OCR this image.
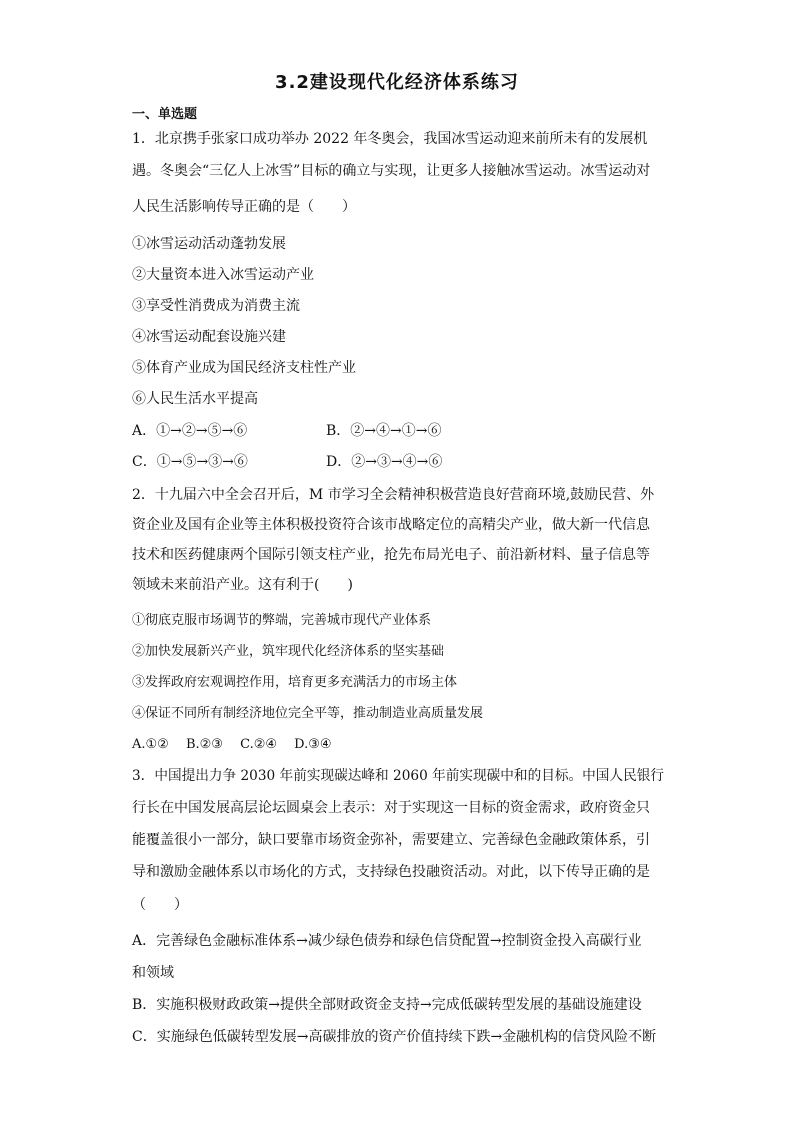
3.2建设现代化经济体系练习
一、单选题
1．北京携手张家口成功举办 2022 年冬奥会，我国冰雪运动迎来前所未有的发展机
遇。冬奥会“三亿人上冰雪”目标的确立与实现，让更多人接触冰雪运动。冰雪运动对
人民生活影响传导正确的是（　　）
①冰雪运动活动蓬勃发展
②大量资本进入冰雪运动产业
③享受性消费成为消费主流
④冰雪运动配套设施兴建
⑤体育产业成为国民经济支柱性产业
⑥人民生活水平提高
A．①→②→⑤→⑥	B．②→④→①→⑥
C．①→⑤→③→⑥	D．②→③→④→⑥
2．十九届六中全会召开后，M 市学习全会精神积极营造良好营商环境,鼓励民营、外
资企业及国有企业等主体积极投资符合该市战略定位的高精尖产业，做大新一代信息
技术和医药健康两个国际引领支柱产业，抢先布局光电子、前沿新材料、量子信息等
领域未来前沿产业。这有利于(　　)
①彻底克服市场调节的弊端，完善城市现代产业体系
②加快发展新兴产业，筑牢现代化经济体系的坚实基础
③发挥政府宏观调控作用，培育更多充满活力的市场主体
④保证不同所有制经济地位完全平等，推动制造业高质量发展
A.①②　 B.②③　 C.②④　 D.③④
3．中国提出力争 2030 年前实现碳达峰和 2060 年前实现碳中和的目标。中国人民银行
行长在中国发展高层论坛圆桌会上表示：对于实现这一目标的资金需求，政府资金只
能覆盖很小一部分，缺口要靠市场资金弥补，需要建立、完善绿色金融政策体系，引
导和激励金融体系以市场化的方式，支持绿色投融资活动。对此，以下传导正确的是
（　　）
A．完善绿色金融标准体系→减少绿色债券和绿色信贷配置→控制资金投入高碳行业
和领域
B．实施积极财政政策→提供全部财政资金支持→完成低碳转型发展的基础设施建设
C．实施绿色低碳转型发展→高碳排放的资产价值持续下跌→金融机构的信贷风险不断
